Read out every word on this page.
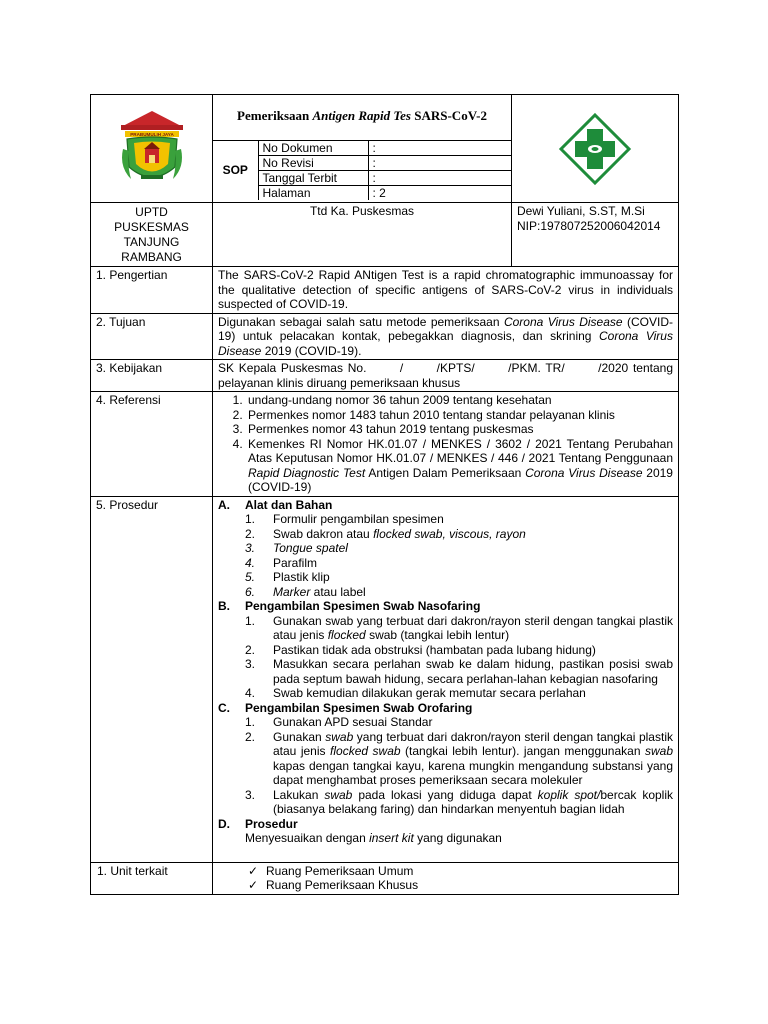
PRABUMULIH JAYA

Pemeriksaan Antigen Rapid Tes SARS-CoV-2
SOP	No Dokumen	:
No Revisi	:
Tanggal Terbit	:
Halaman	: 2

UPTD
PUSKESMAS
TANJUNG
RAMBANG
	Ttd Ka. Puskesmas	Dewi Yuliani, S.ST, M.Si
NIP:197807252006042014

1. Pengertian	The SARS-CoV-2 Rapid ANtigen Test is a rapid chromatographic immunoassay for the qualitative detection of specific antigens of SARS-CoV-2 virus in individuals suspected of COVID-19.
2. Tujuan	Digunakan sebagai salah satu metode pemeriksaan Corona Virus Disease (COVID-19) untuk pelacakan kontak, pebegakkan diagnosis, dan skrining Corona Virus Disease 2019 (COVID-19).
3. Kebijakan	SK Kepala Puskesmas No.       /       /KPTS/       /PKM. TR/       /2020 tentang pelayanan klinis diruang pemeriksaan khusus
4. Referensi	
1.undang-undang nomor 36 tahun 2009 tentang kesehatan
2. Permenkes nomor 1483 tahun 2010 tentang standar pelayanan klinis
3. Permenkes nomor 43 tahun 2019 tentang puskesmas
4. Kemenkes RI Nomor HK.01.07 / MENKES / 3602 / 2021 Tentang Perubahan Atas Keputusan Nomor HK.01.07 / MENKES / 446 / 2021 Tentang Penggunaan Rapid Diagnostic Test Antigen Dalam Pemeriksaan Corona Virus Disease 2019 (COVID-19)

5. Prosedur	A.	Alat dan Bahan
1.	Formulir pengambilan spesimen
2.	Swab dakron atau flocked swab, viscous, rayon
3.	Tongue spatel
4.	Parafilm
5.	Plastik klip
6.	Marker atau label
B.	Pengambilan Spesimen Swab Nasofaring
1.	Gunakan swab yang terbuat dari dakron/rayon steril dengan tangkai plastik atau jenis flocked swab (tangkai lebih lentur)
2.	Pastikan tidak ada obstruksi (hambatan pada lubang hidung)
3.	Masukkan secara perlahan swab ke dalam hidung, pastikan posisi swab pada septum bawah hidung, secara perlahan-lahan kebagian nasofaring
4.	Swab kemudian dilakukan gerak memutar secara perlahan
C.	Pengambilan Spesimen Swab Orofaring
1.	Gunakan APD sesuai Standar
2.	Gunakan swab yang terbuat dari dakron/rayon steril dengan tangkai plastik atau jenis flocked swab (tangkai lebih lentur). jangan menggunakan swab kapas dengan tangkai kayu, karena mungkin mengandung substansi yang dapat menghambat proses pemeriksaan secara molekuler
3.	Lakukan swab pada lokasi yang diduga dapat koplik spot/bercak koplik (biasanya belakang faring) dan hindarkan menyentuh bagian lidah
D.	Prosedur
Menyesuaikan dengan insert kit yang digunakan

1. Unit terkait	✓ Ruang Pemeriksaan Umum
✓ Ruang Pemeriksaan Khusus
